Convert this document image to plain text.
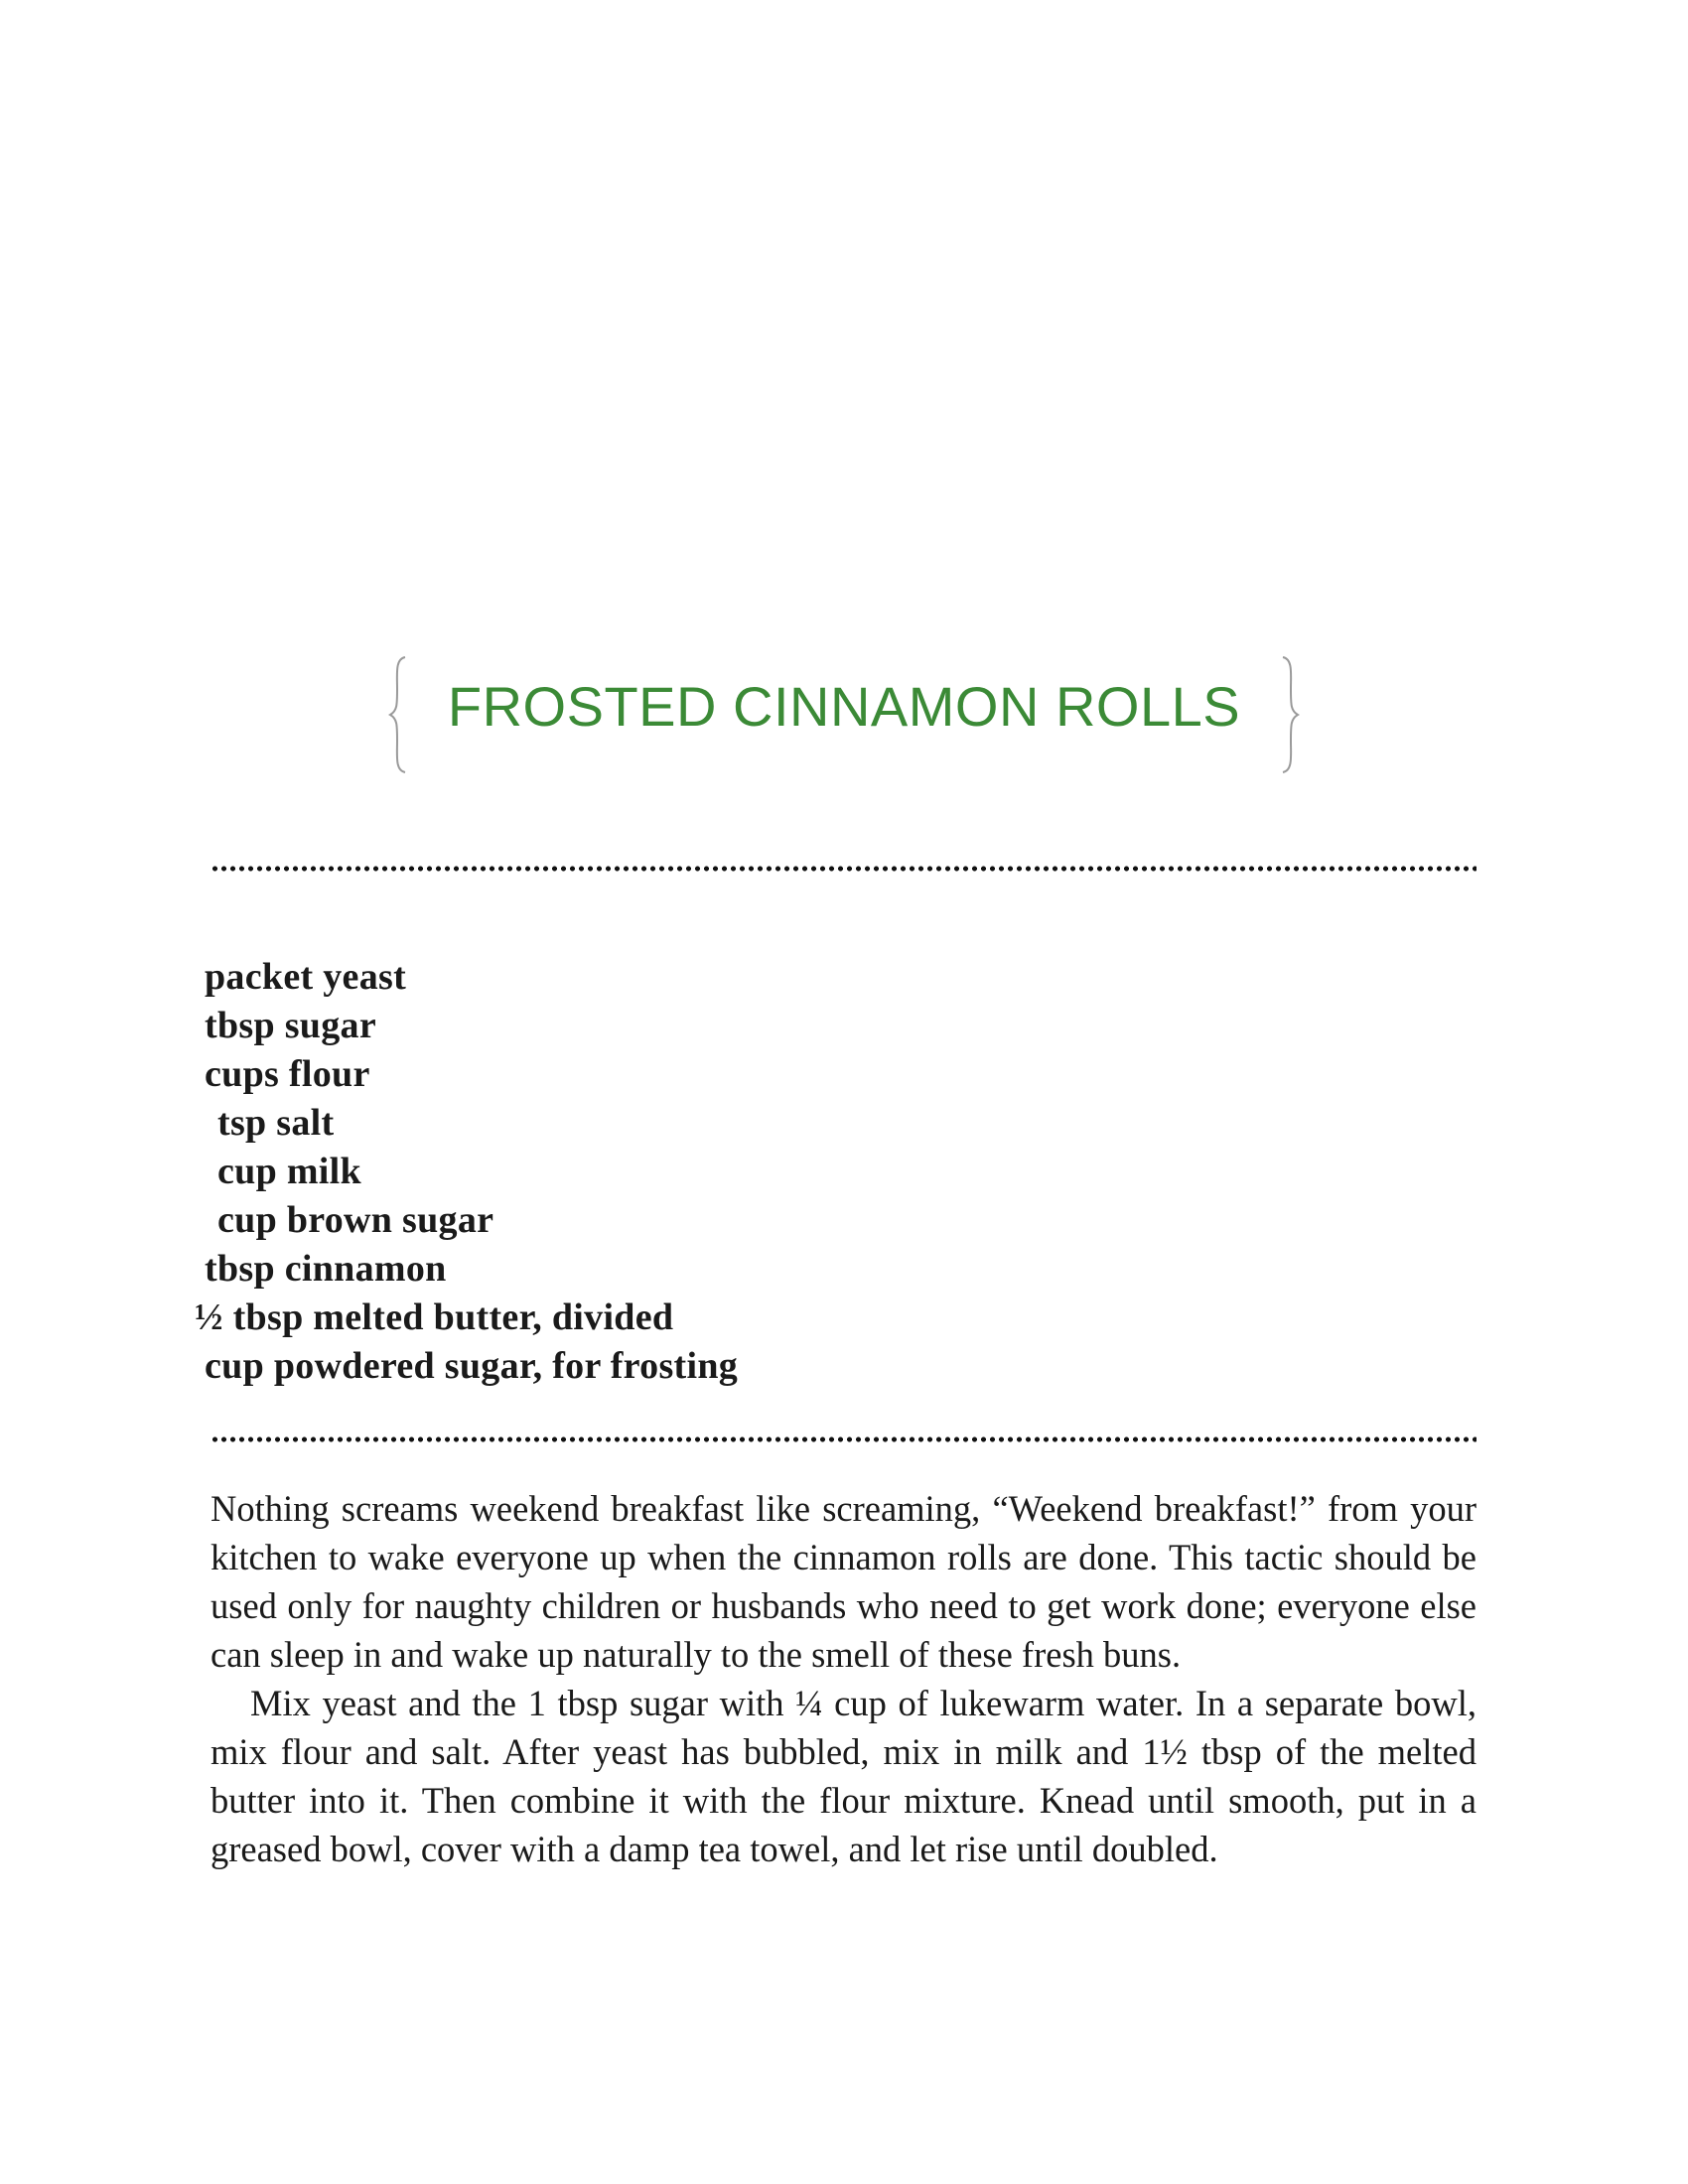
FROSTED CINNAMON ROLLS
packet yeast
tbsp sugar
cups flour
tsp salt
cup milk
cup brown sugar
tbsp cinnamon
½ tbsp melted butter, divided
cup powdered sugar, for frosting

Nothing screams weekend breakfast like screaming, “Weekend breakfast!” from your kitchen to wake everyone up when the cinnamon rolls are done. This tactic should be used only for naughty children or husbands who need to get work done; everyone else can sleep in and wake up naturally to the smell of these fresh buns.

Mix yeast and the 1 tbsp sugar with ¼ cup of lukewarm water. In a separate bowl, mix flour and salt. After yeast has bubbled, mix in milk and 1½ tbsp of the melted butter into it. Then combine it with the flour mixture. Knead until smooth, put in a greased bowl, cover with a damp tea towel, and let rise until doubled.
